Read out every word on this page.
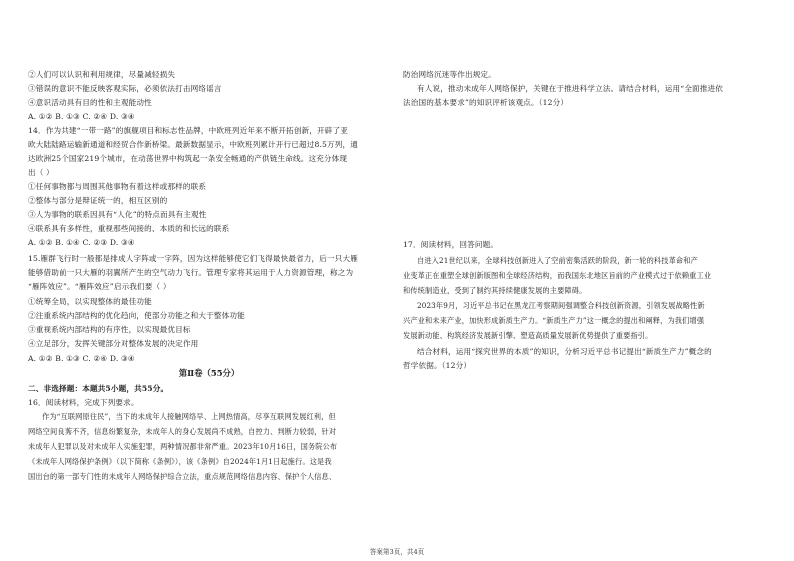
②人们可以认识和利用规律，尽量减轻损失
③错误的意识不能反映客观实际，必须依法打击网络谣言
④意识活动具有目的性和主观能动性
A. ①② B. ①③ C. ②④ D. ③④
14．作为共建“一带一路”的旗舰项目和标志性品牌，中欧班列近年来不断开拓创新，开辟了亚
欧大陆陆路运输新通道和经贸合作新桥梁。最新数据显示，中欧班列累计开行已超过8.5万列，通
达欧洲25个国家219个城市，在动荡世界中构筑起一条安全畅通的产供链生命线。这充分体现
出（ ）
①任何事物都与周围其他事物有着这样或那样的联系
②整体与部分是辩证统一的，相互区别的
③人为事物的联系因具有“人化”的特点而具有主观性
④联系具有多样性，重视那些间接的、本质的和长远的联系
A. ①② B. ①④ C. ②③ D. ③④
15.雁群飞行时一般都是排成人字阵或一字阵，因为这样能够使它们飞得最快最省力，后一只大雁
能够借助前一只大雁的羽翼所产生的空气动力飞行。管理专家将其运用于人力资源管理，称之为
“雁阵效应”。“雁阵效应”启示我们要（ ）
①统筹全局，以实现整体的最佳功能
②注重系统内部结构的优化趋向，使部分功能之和大于整体功能
③重视系统内部结构的有序性，以实现最优目标
④立足部分，发挥关键部分对整体发展的决定作用
A. ①② B. ①③ C. ②④ D. ③④
第Ⅱ卷（55分）
二、非选择题：本题共5小题，共55分。
16．阅读材料，完成下列要求。
作为“互联网原住民”，当下的未成年人接触网络早、上网热情高，尽享互联网发展红利，但
网络空间良莠不齐，信息纷繁复杂，未成年人的身心发展尚不成熟，自控力、判断力较弱，针对
未成年人犯罪以及对未成年人实施犯罪，两种情况都非常严重。2023年10月16日，国务院公布
《未成年人网络保护条例》（以下简称《条例》），该《条例》自2024年1月1日起施行。这是我
国出台的第一部专门性的未成年人网络保护综合立法，重点规范网络信息内容、保护个人信息、
防治网络沉迷等作出规定。
有人说，推动未成年人网络保护，关键在于推进科学立法。请结合材料，运用“全面推进依
法治国的基本要求”的知识评析该观点。（12分）
17．阅读材料，回答问题。
自进入21世纪以来，全球科技创新进入了空前密集活跃的阶段，新一轮的科技革命和产
业变革正在重塑全球创新版图和全球经济结构，而我国东北地区旨前的产业模式过于依赖重工业
和传统制造业，受到了制约其持续健康发展的主要障碍。
2023年9月，习近平总书记在黑龙江考察期间强调整合科技创新资源，引领发展战略性新
兴产业和未来产业，加快形成新质生产力。“新质生产力”这一概念的提出和阐释，为我们增强
发展新动能、构筑经济发展新引擎、塑造高质量发展新优势提供了重要指引。
结合材料，运用“探究世界的本质”的知识，分析习近平总书记提出“新质生产力”概念的
哲学依据。（12分）
答案第3页，共4页
